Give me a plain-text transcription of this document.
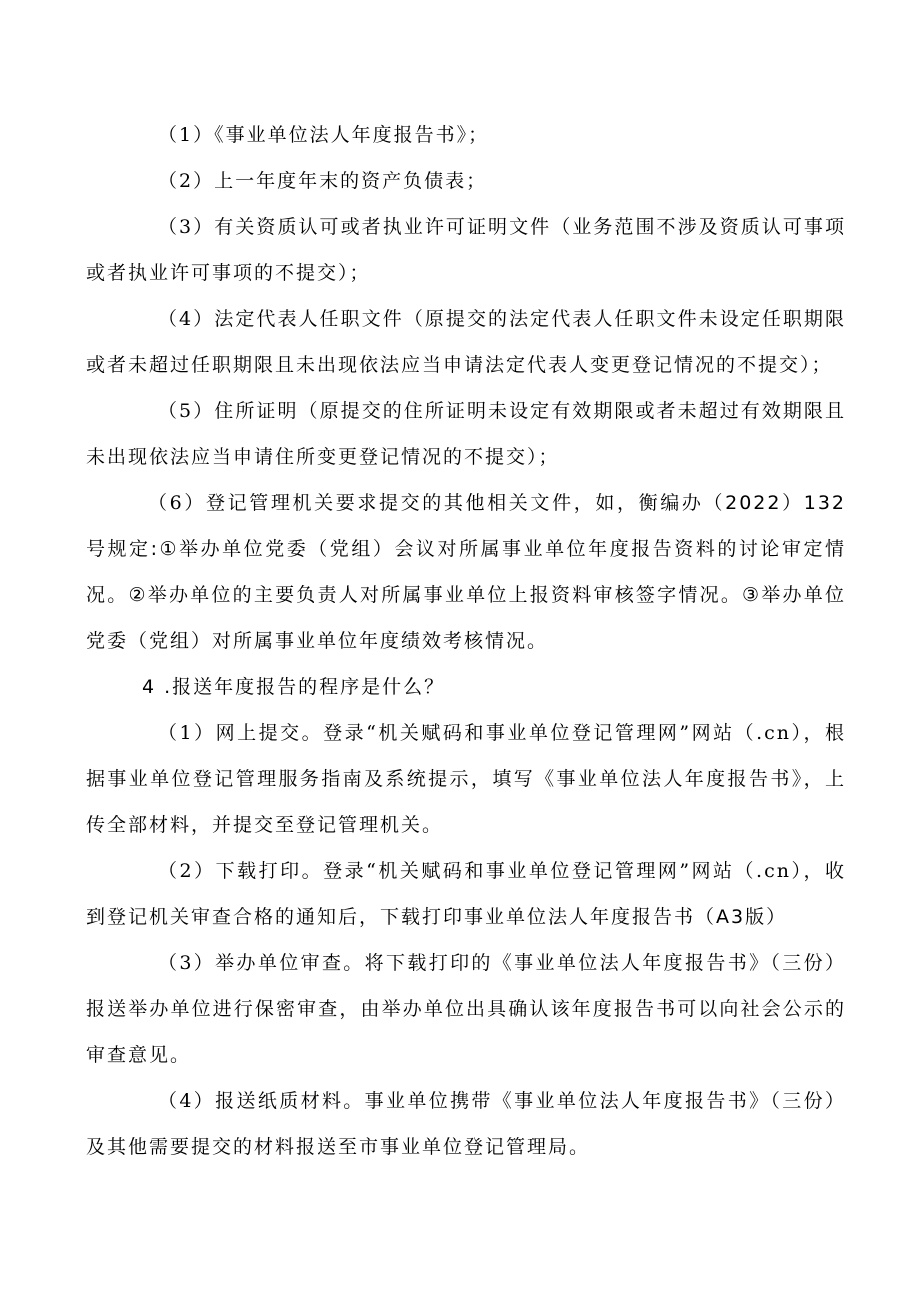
（1）《事业单位法人年度报告书》；

（2）上一年度年末的资产负债表；

（3）有关资质认可或者执业许可证明文件（业务范围不涉及资质认可事项或者执业许可事项的不提交）；

（4）法定代表人任职文件（原提交的法定代表人任职文件未设定任职期限或者未超过任职期限且未出现依法应当申请法定代表人变更登记情况的不提交）；

（5）住所证明（原提交的住所证明未设定有效期限或者未超过有效期限且未出现依法应当申请住所变更登记情况的不提交）；

（6）登记管理机关要求提交的其他相关文件，如，衡编办（2022）132号规定:①举办单位党委（党组）会议对所属事业单位年度报告资料的讨论审定情况。②举办单位的主要负责人对所属事业单位上报资料审核签字情况。③举办单位党委（党组）对所属事业单位年度绩效考核情况。

4 .报送年度报告的程序是什么？

（1）网上提交。登录“机关赋码和事业单位登记管理网”网站（.cn），根据事业单位登记管理服务指南及系统提示，填写《事业单位法人年度报告书》，上传全部材料，并提交至登记管理机关。

（2）下载打印。登录“机关赋码和事业单位登记管理网”网站（.cn），收到登记机关审查合格的通知后，下载打印事业单位法人年度报告书（A3版）

（3）举办单位审查。将下载打印的《事业单位法人年度报告书》（三份）报送举办单位进行保密审查，由举办单位出具确认该年度报告书可以向社会公示的审查意见。

（4）报送纸质材料。事业单位携带《事业单位法人年度报告书》（三份）及其他需要提交的材料报送至市事业单位登记管理局。
